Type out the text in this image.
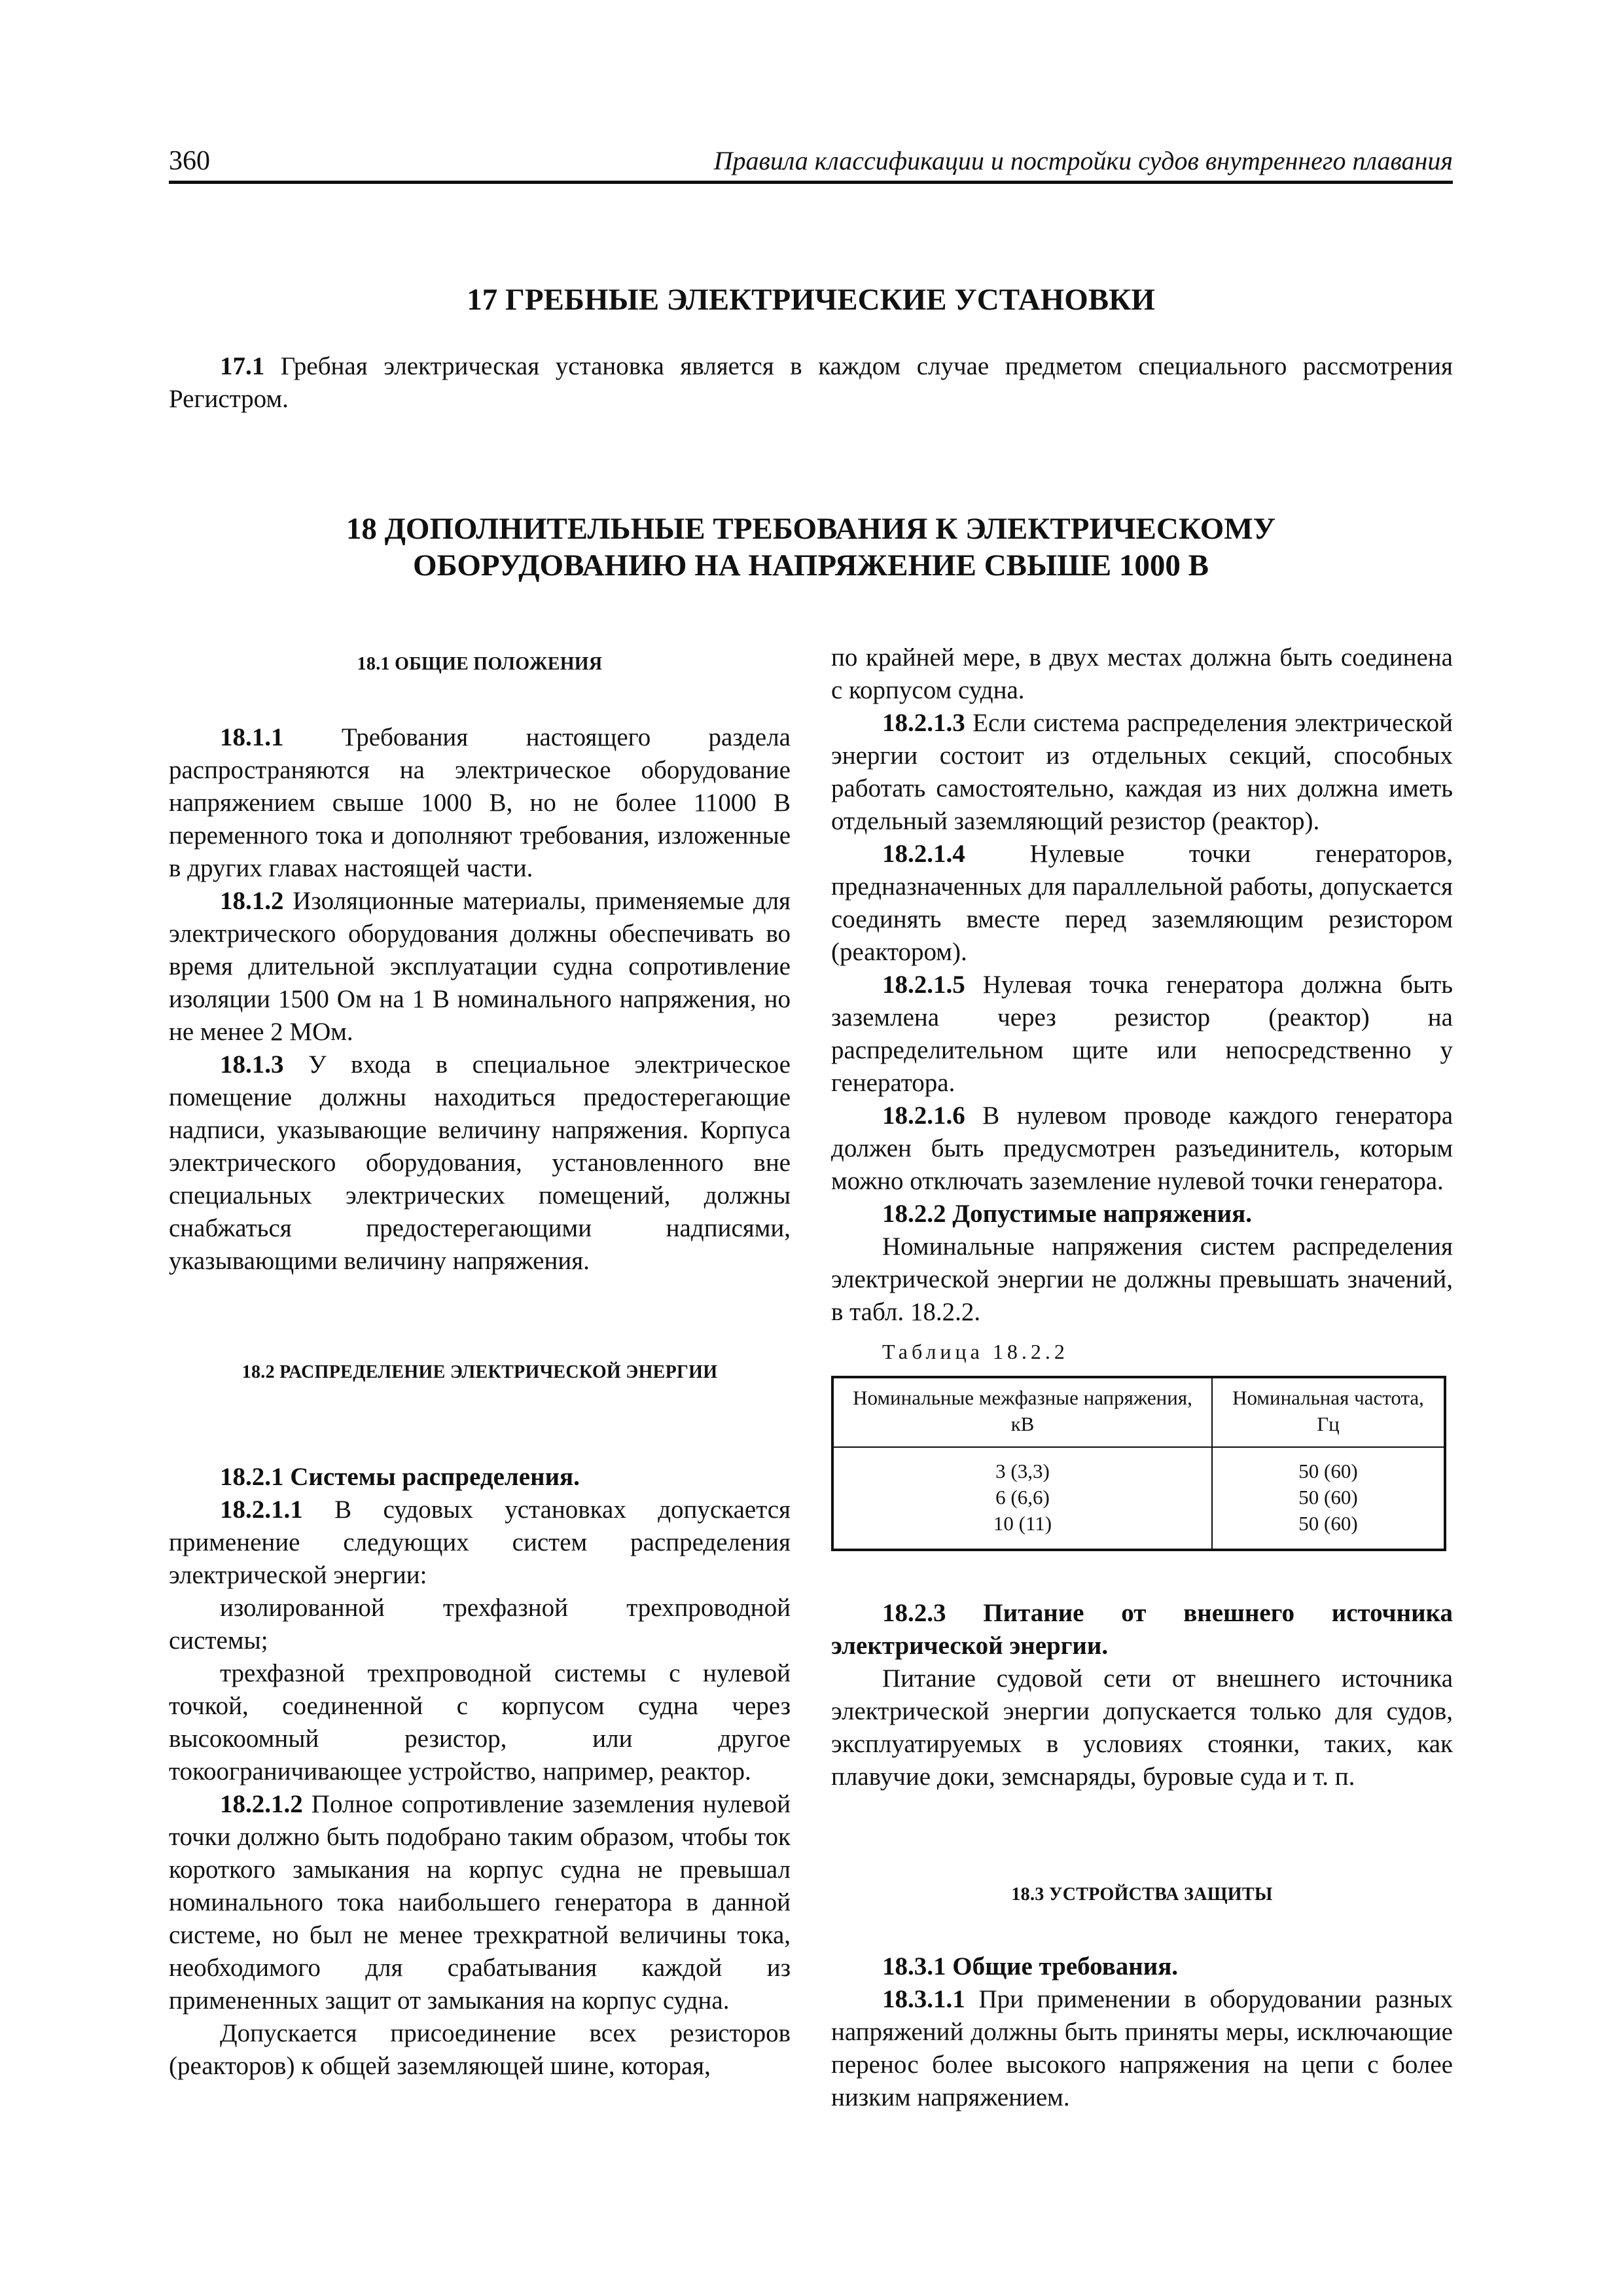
360	Правила классификации и постройки судов внутреннего плавания
17 ГРЕБНЫЕ ЭЛЕКТРИЧЕСКИЕ УСТАНОВКИ

17.1 Гребная электрическая установка является в каждом случае предметом специального рассмотрения Регистром.

18 ДОПОЛНИТЕЛЬНЫЕ ТРЕБОВАНИЯ К ЭЛЕКТРИЧЕСКОМУ
ОБОРУДОВАНИЮ НА НАПРЯЖЕНИЕ СВЫШЕ 1000 В

18.1 ОБЩИЕ ПОЛОЖЕНИЯ

18.1.1 Требования настоящего раздела распространяются на электрическое оборудование напряжением свыше 1000 В, но не более 11000 В переменного тока и дополняют требования, изложенные в других главах настоящей части.

18.1.2 Изоляционные материалы, применяемые для электрического оборудования должны обеспечивать во время длительной эксплуатации судна сопротивление изоляции 1500 Ом на 1 В номинального напряжения, но не менее 2 МОм.

18.1.3 У входа в специальное электрическое помещение должны находиться предостерегающие надписи, указывающие величину напряжения. Корпуса электрического оборудования, установленного вне специальных электрических помещений, должны снабжаться предостерегающими надписями, указывающими величину напряжения.

18.2 РАСПРЕДЕЛЕНИЕ ЭЛЕКТРИЧЕСКОЙ ЭНЕРГИИ

18.2.1 Системы распределения.

18.2.1.1 В судовых установках допускается применение следующих систем распределения электрической энергии:

изолированной трехфазной трехпроводной системы;

трехфазной трехпроводной системы с нулевой точкой, соединенной с корпусом судна через высокоомный резистор, или другое токоограничивающее устройство, например, реактор.

18.2.1.2 Полное сопротивление заземления нулевой точки должно быть подобрано таким образом, чтобы ток короткого замыкания на корпус судна не превышал номинального тока наибольшего генератора в данной системе, но был не менее трехкратной величины тока, необходимого для срабатывания каждой из примененных защит от замыкания на корпус судна.

Допускается присоединение всех резисторов (реакторов) к общей заземляющей шине, которая,

по крайней мере, в двух местах должна быть соединена с корпусом судна.

18.2.1.3 Если система распределения электрической энергии состоит из отдельных секций, способных работать самостоятельно, каждая из них должна иметь отдельный заземляющий резистор (реактор).

18.2.1.4 Нулевые точки генераторов, предназначенных для параллельной работы, допускается соединять вместе перед заземляющим резистором (реактором).

18.2.1.5 Нулевая точка генератора должна быть заземлена через резистор (реактор) на распределительном щите или непосредственно у генератора.

18.2.1.6 В нулевом проводе каждого генератора должен быть предусмотрен разъединитель, которым можно отключать заземление нулевой точки генератора.

18.2.2 Допустимые напряжения.

Номинальные напряжения систем распределения электрической энергии не должны превышать значений, в табл. 18.2.2.

Таблица 18.2.2

Номинальные межфазные напряжения, кВ	Номинальная частота, Гц
3 (3,3)	50 (60)
6 (6,6)	50 (60)
10 (11)	50 (60)

18.2.3 Питание от внешнего источника электрической энергии.

Питание судовой сети от внешнего источника электрической энергии допускается только для судов, эксплуатируемых в условиях стоянки, таких, как плавучие доки, земснаряды, буровые суда и т. п.

18.3 УСТРОЙСТВА ЗАЩИТЫ

18.3.1 Общие требования.

18.3.1.1 При применении в оборудовании разных напряжений должны быть приняты меры, исключающие перенос более высокого напряжения на цепи с более низким напряжением.
